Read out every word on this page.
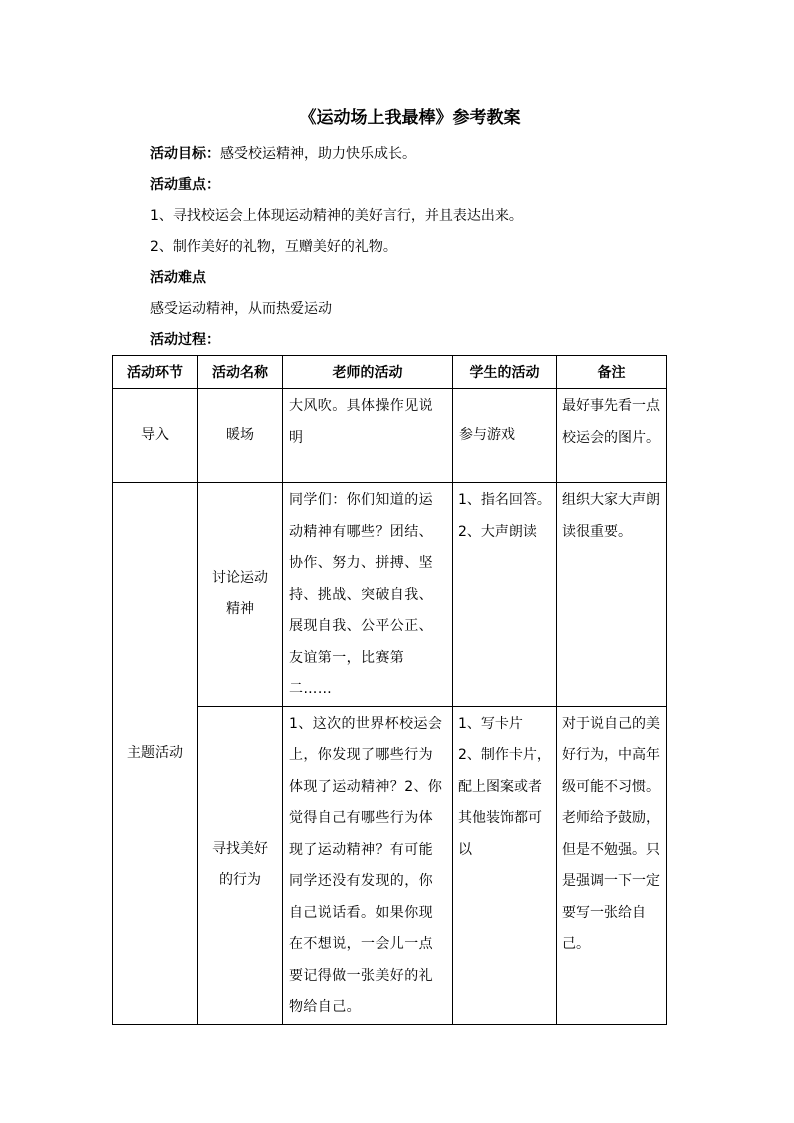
《运动场上我最棒》参考教案
活动目标：感受校运精神，助力快乐成长。
活动重点：
1、寻找校运会上体现运动精神的美好言行，并且表达出来。
2、制作美好的礼物，互赠美好的礼物。
活动难点
感受运动精神，从而热爱运动
活动过程：
活动环节	活动名称	老师的活动	学生的活动	备注

导入	暖场	大风吹。具体操作见说明	参与游戏	最好事先看一点校运会的图片。

主题活动	讨论运动精神	同学们：你们知道的运动精神有哪些？团结、协作、努力、拼搏、坚持、挑战、突破自我、展现自我、公平公正、友谊第一，比赛第二……	1、指名回答。
2、大声朗读	组织大家大声朗读很重要。

	寻找美好的行为	1、这次的世界杯校运会上，你发现了哪些行为体现了运动精神？2、你觉得自己有哪些行为体现了运动精神？有可能同学还没有发现的，你自己说话看。如果你现在不想说，一会儿一点要记得做一张美好的礼物给自己。	1、写卡片
2、制作卡片，配上图案或者其他装饰都可以	对于说自己的美好行为，中高年级可能不习惯。老师给予鼓励，但是不勉强。只是强调一下一定要写一张给自己。
